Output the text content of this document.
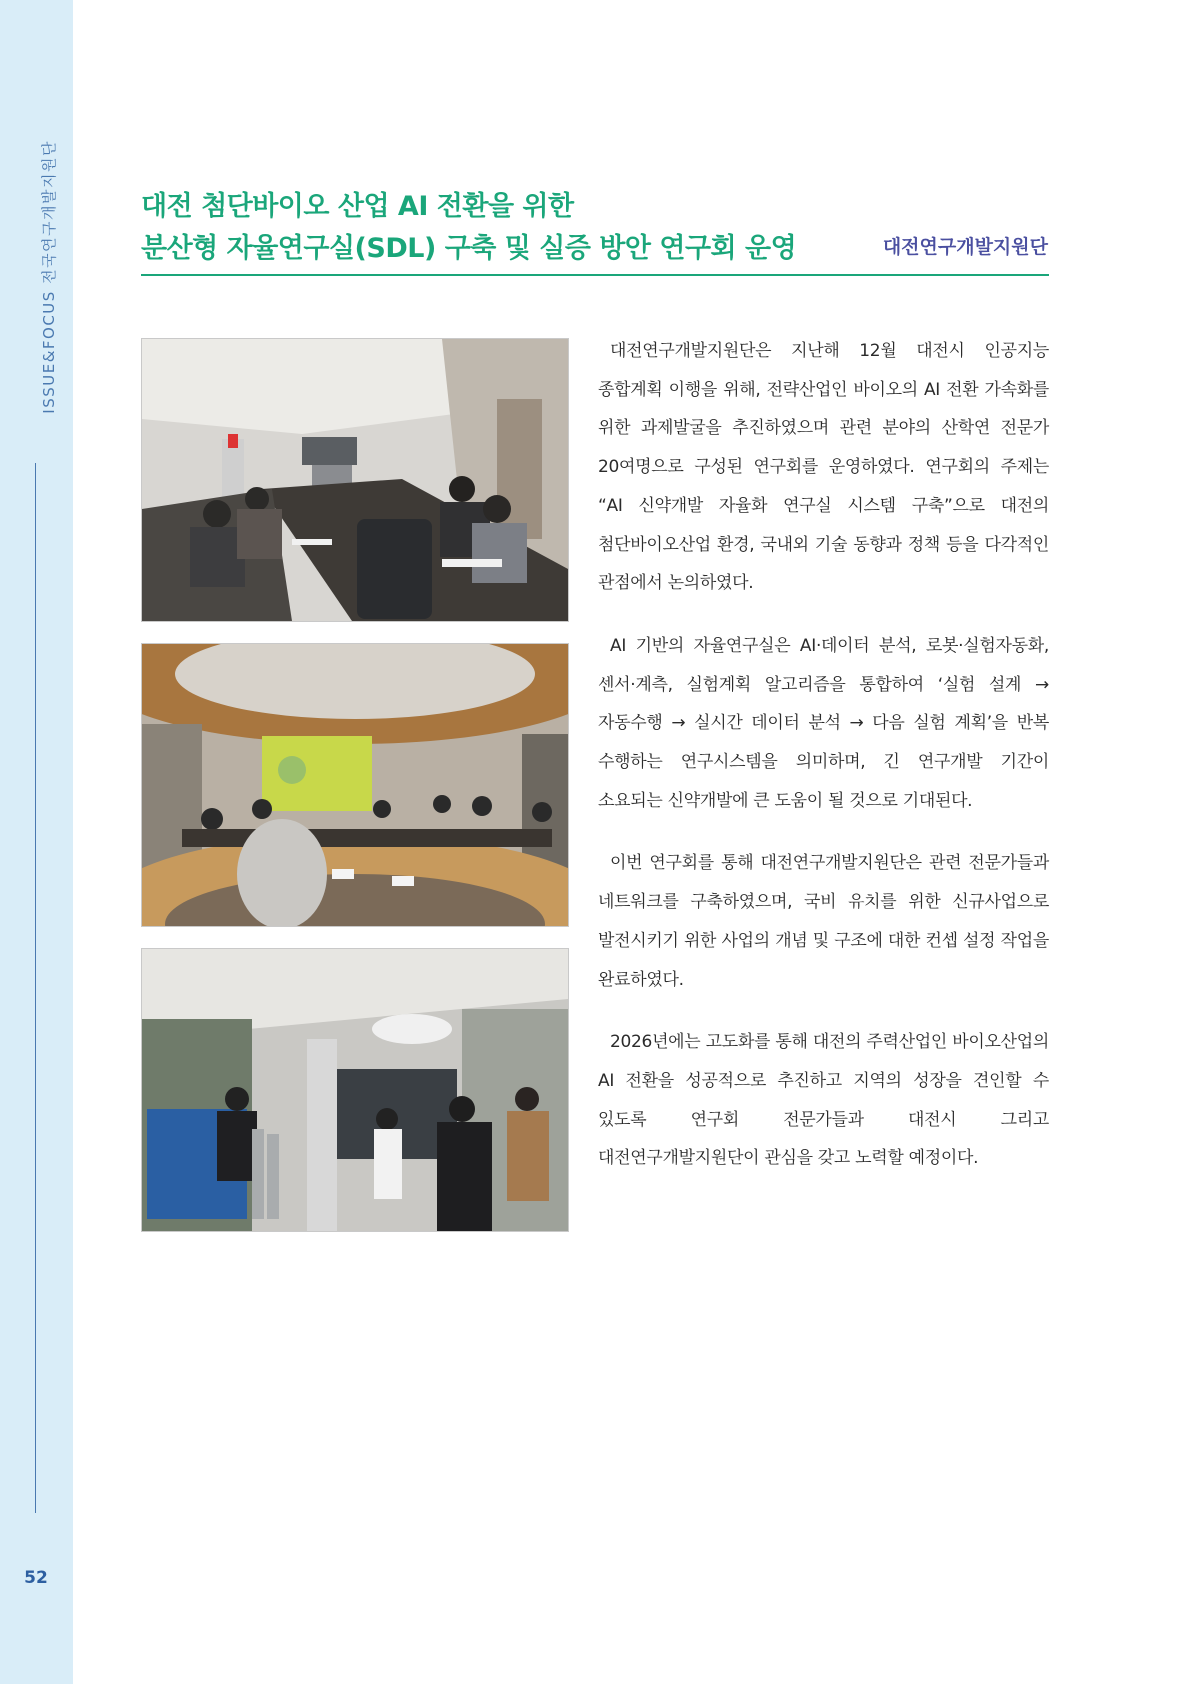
ISSUE&FOCUS 전국연구개발지원단
52
대전 첨단바이오 산업 AI 전환을 위한
분산형 자율연구실(SDL) 구축 및 실증 방안 연구회 운영	대전연구개발지원단

대전연구개발지원단은 지난해 12월 대전시 인공지능 종합계획 이행을 위해, 전략산업인 바이오의 AI 전환 가속화를 위한 과제발굴을 추진하였으며 관련 분야의 산학연 전문가 20여명으로 구성된 연구회를 운영하였다. 연구회의 주제는 “AI 신약개발 자율화 연구실 시스템 구축”으로 대전의 첨단바이오산업 환경, 국내외 기술 동향과 정책 등을 다각적인 관점에서 논의하였다.

AI 기반의 자율연구실은 AI·데이터 분석, 로봇·실험자동화, 센서·계측, 실험계획 알고리즘을 통합하여 ‘실험 설계 → 자동수행 → 실시간 데이터 분석 → 다음 실험 계획’을 반복 수행하는 연구시스템을 의미하며, 긴 연구개발 기간이 소요되는 신약개발에 큰 도움이 될 것으로 기대된다.

이번 연구회를 통해 대전연구개발지원단은 관련 전문가들과 네트워크를 구축하였으며, 국비 유치를 위한 신규사업으로 발전시키기 위한 사업의 개념 및 구조에 대한 컨셉 설정 작업을 완료하였다.

2026년에는 고도화를 통해 대전의 주력산업인 바이오산업의 AI 전환을 성공적으로 추진하고 지역의 성장을 견인할 수 있도록 연구회 전문가들과 대전시 그리고 대전연구개발지원단이 관심을 갖고 노력할 예정이다.
